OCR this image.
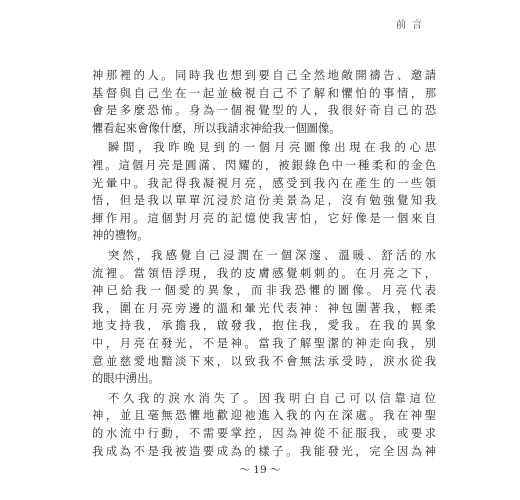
前言
神那裡的人。同時我也想到要自己全然地敞開禱告、邀請
基督與自己坐在一起並檢視自己不了解和懼怕的事情，那
會是多麼恐怖。身為一個視覺型的人，我很好奇自己的恐
懼看起來會像什麼，所以我請求神給我一個圖像。
瞬間，我昨晚見到的一個月亮圖像出現在我的心思
裡。這個月亮是圓滿、閃耀的，被銀綠色中一種柔和的金色
光暈中。我記得我凝視月亮，感受到我內在產生的一些領
悟，但是我以單單沉浸於這份美景為足，沒有勉強覺知我
揮作用。這個對月亮的記憶使我害怕，它好像是一個來自
神的禮物。
突然，我感覺自己浸潤在一個深邃、溫暖、舒活的水
流裡。當領悟浮現，我的皮膚感覺刺刺的。在月亮之下，
神已給我一個愛的異象，而非我恐懼的圖像。月亮代表
我，圍在月亮旁邊的溫和暈光代表神：神包圍著我，輕柔
地支持我，承擔我，啟發我，抱住我，愛我。在我的異象
中，月亮在發光，不是神。當我了解聖潔的神走向我，別
意並慈愛地黯淡下來，以致我不會無法承受時，淚水從我
的眼中湧出。
不久我的淚水消失了。因我明白自己可以信靠這位
神，並且毫無恐懼地歡迎祂進入我的內在深處。我在神聖
的水流中行動，不需要掌控，因為神從不征服我，或要求
我成為不是我被造要成為的樣子。我能發光，完全因為神
～ 19 ～
